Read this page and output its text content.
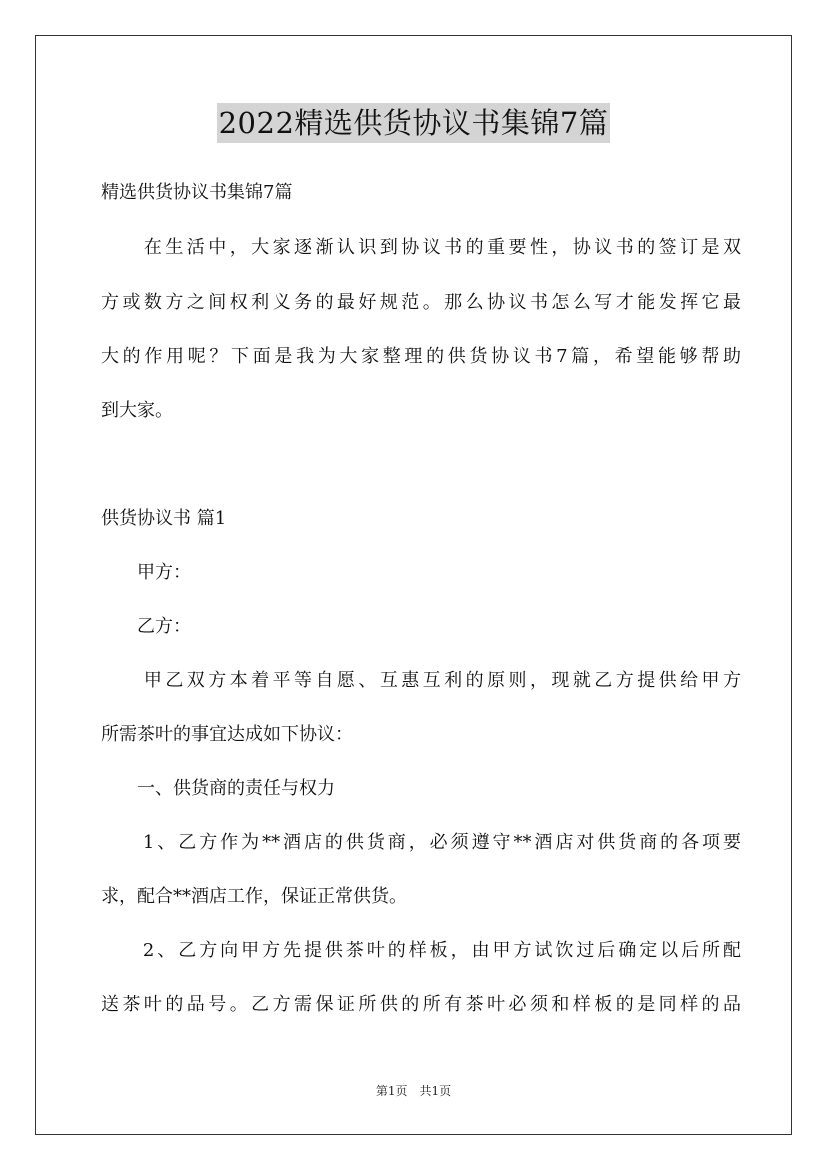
2022精选供货协议书集锦7篇

精选供货协议书集锦7篇

　　在生活中，大家逐渐认识到协议书的重要性，协议书的签订是双

方或数方之间权利义务的最好规范。那么协议书怎么写才能发挥它最

大的作用呢？下面是我为大家整理的供货协议书7篇，希望能够帮助

到大家。

供货协议书 篇1

　　甲方：

　　乙方：

　　甲乙双方本着平等自愿、互惠互利的原则，现就乙方提供给甲方

所需茶叶的事宜达成如下协议：

　　一、供货商的责任与权力

　　1、乙方作为**酒店的供货商，必须遵守**酒店对供货商的各项要

求，配合**酒店工作，保证正常供货。

　　2、乙方向甲方先提供茶叶的样板，由甲方试饮过后确定以后所配

送茶叶的品号。乙方需保证所供的所有茶叶必须和样板的是同样的品

第1页　共1页
